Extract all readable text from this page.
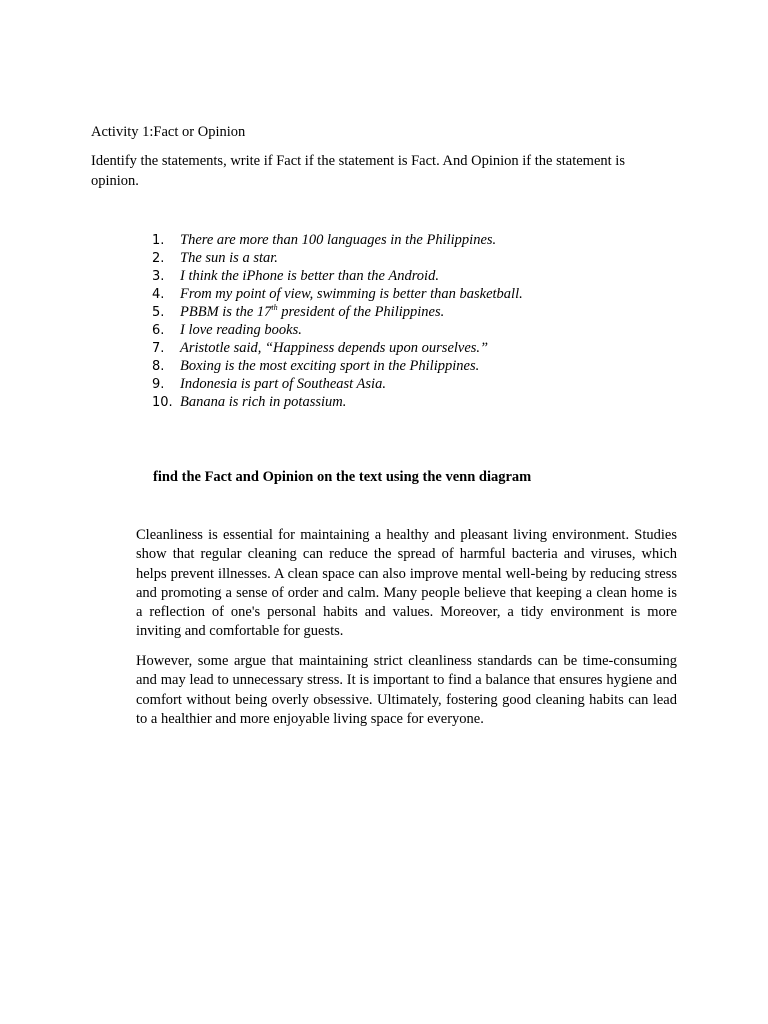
Activity 1:Fact or Opinion
Identify the statements, write if Fact if the statement is Fact. And Opinion if the statement is opinion.
1.	There are more than 100 languages in the Philippines.
2.	The sun is a star.
3.	I think the iPhone is better than the Android.
4.	From my point of view, swimming is better than basketball.
5.	PBBM is the 17th president of the Philippines.
6.	I love reading books.
7.	Aristotle said, “Happiness depends upon ourselves.”
8.	Boxing is the most exciting sport in the Philippines.
9.	Indonesia is part of Southeast Asia.
10. Banana is rich in potassium.
find the Fact and Opinion on the text using the venn diagram

Cleanliness is essential for maintaining a healthy and pleasant living environment. Studies show that regular cleaning can reduce the spread of harmful bacteria and viruses, which helps prevent illnesses. A clean space can also improve mental well-being by reducing stress and promoting a sense of order and calm. Many people believe that keeping a clean home is a reflection of one's personal habits and values. Moreover, a tidy environment is more inviting and comfortable for guests.

However, some argue that maintaining strict cleanliness standards can be time-consuming and may lead to unnecessary stress. It is important to find a balance that ensures hygiene and comfort without being overly obsessive. Ultimately, fostering good cleaning habits can lead to a healthier and more enjoyable living space for everyone.
